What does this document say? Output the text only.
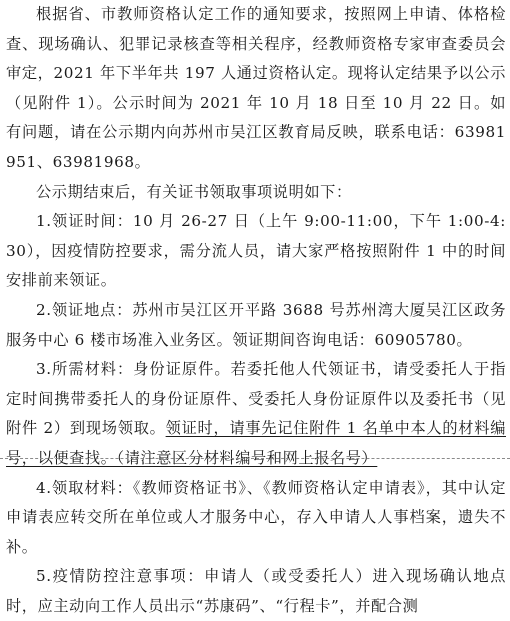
根据省、市教师资格认定工作的通知要求，按照网上申请、体格检查、现场确认、犯罪记录核查等相关程序，经教师资格专家审查委员会审定，2021 年下半年共 197 人通过资格认定。现将认定结果予以公示（见附件 1）。公示时间为 2021 年 10 月 18 日至 10 月 22 日。如有问题，请在公示期内向苏州市吴江区教育局反映，联系电话：63981951、63981968。

公示期结束后，有关证书领取事项说明如下：

1.领证时间：10 月 26-27 日（上午 9:00-11:00，下午 1:00-4:30），因疫情防控要求，需分流人员，请大家严格按照附件 1 中的时间安排前来领证。

2.领证地点：苏州市吴江区开平路 3688 号苏州湾大厦吴江区政务服务中心 6 楼市场准入业务区。领证期间咨询电话：60905780。

3.所需材料：身份证原件。若委托他人代领证书，请受委托人于指定时间携带委托人的身份证原件、受委托人身份证原件以及委托书（见附件 2）到现场领取。领证时，请事先记住附件 1 名单中本人的材料编号，以便查找。（请注意区分材料编号和网上报名号）

4.领取材料：《教师资格证书》、《教师资格认定申请表》，其中认定申请表应转交所在单位或人才服务中心，存入申请人人事档案，遗失不补。

5.疫情防控注意事项：申请人（或受委托人）进入现场确认地点时，应主动向工作人员出示“苏康码”、“行程卡”，并配合测
